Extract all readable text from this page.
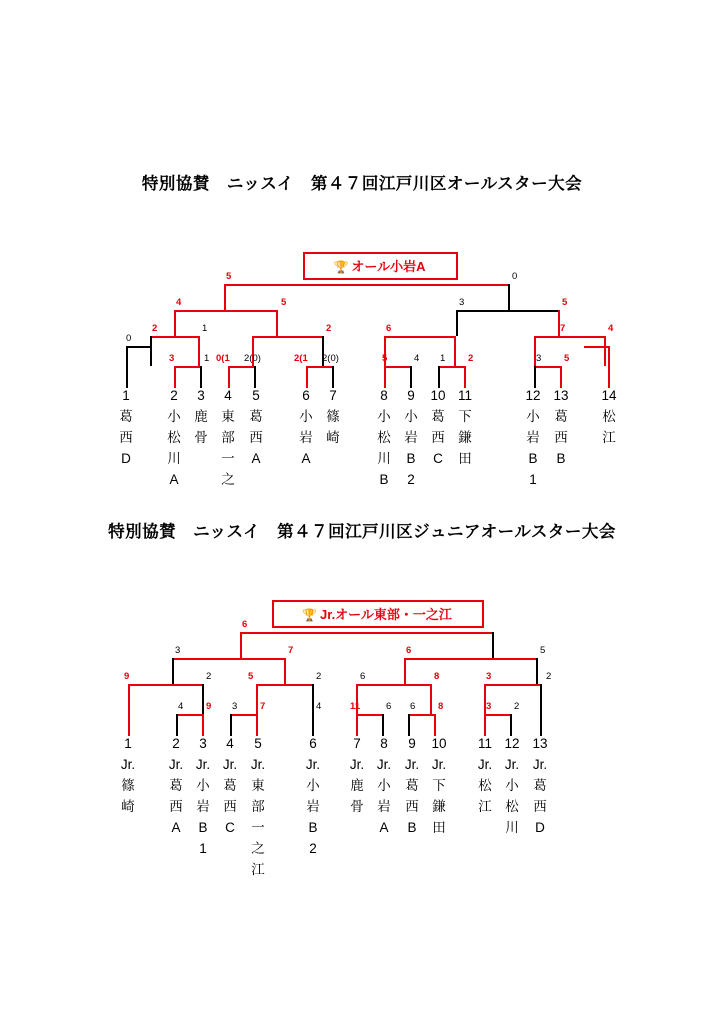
特別協賛　ニッスイ　第４７回江戸川区オールスター大会
🏆 オール小岩A
5	0
4	5	3	5
2	1	2	6	7	4
3	1
0
0(1 2(0)	2(1 2(0)	5	4 1 2	3 5
1
葛
西
D
2
小
松
川
A
3
鹿
骨
4
東
部
一
之
5
葛
西
A
6
小
岩
A
7
篠
崎
8
小
松
川
B
9
小
岩
B
2
10
葛
西
C
11
下
鎌
田
12
小
岩
B
1
13
葛
西
B
14
松
江
特別協賛　ニッスイ　第４７回江戸川区ジュニアオールスター大会
🏆 Jr.オール東部・一之江
6
3	7	6	5
9	2	5	2	6	8	3	2
4 9 3 7	4	11	6 6 8	3 2
1
Jr.
篠
崎
2
Jr.
葛
西
A
3
Jr.
小
岩
B
1
4
Jr.
葛
西
C
5
Jr.
東
部
一
之
江
6
Jr.
小
岩
B
2
7
Jr.
鹿
骨
8
Jr.
小
岩
A
9
Jr.
葛
西
B
10
Jr.
下
鎌
田
11
Jr.
松
江
12
Jr.
小
松
川
13
Jr.
葛
西
D
